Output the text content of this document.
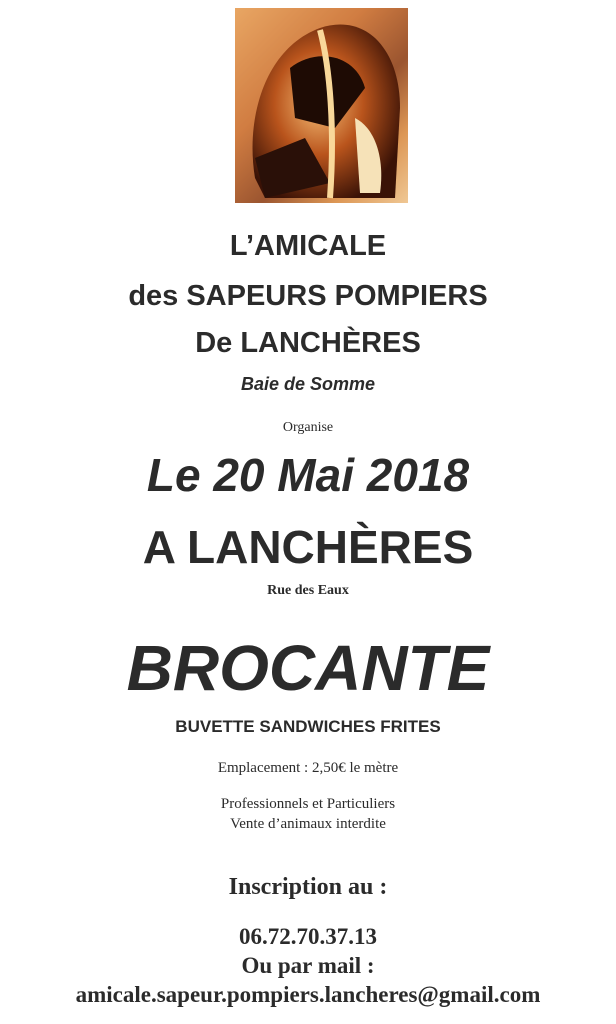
L’AMICALE
des SAPEURS POMPIERS
De LANCHÈRES
Baie de Somme
Organise
Le 20 Mai 2018
A LANCHÈRES
Rue des Eaux
BROCANTE
BUVETTE SANDWICHES FRITES
Emplacement : 2,50€ le mètre
Professionnels et Particuliers
Vente d’animaux interdite
Inscription au :
06.72.70.37.13
Ou par mail :
amicale.sapeur.pompiers.lancheres@gmail.com
